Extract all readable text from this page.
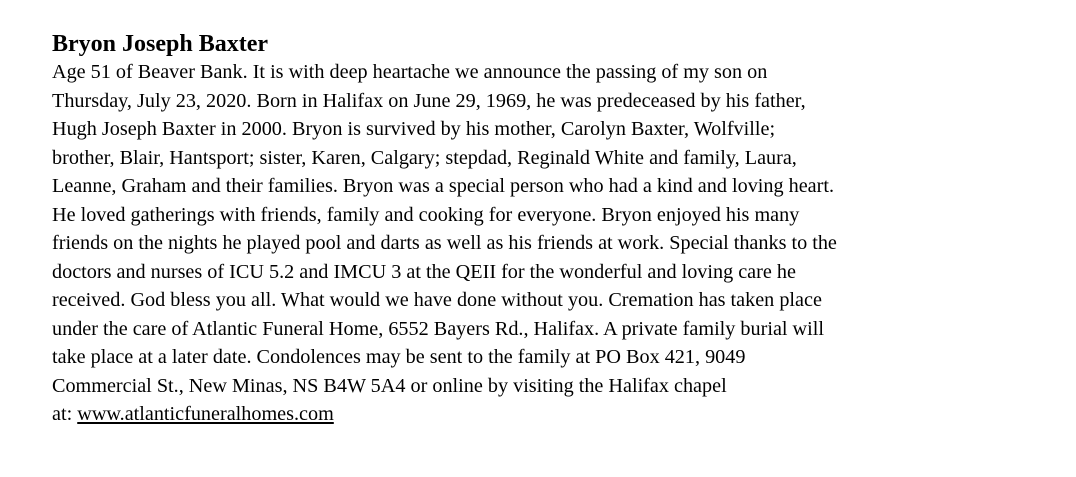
Bryon Joseph Baxter
Age 51 of Beaver Bank. It is with deep heartache we announce the passing of my son on
Thursday, July 23, 2020. Born in Halifax on June 29, 1969, he was predeceased by his father,
Hugh Joseph Baxter in 2000. Bryon is survived by his mother, Carolyn Baxter, Wolfville;
brother, Blair, Hantsport; sister, Karen, Calgary; stepdad, Reginald White and family, Laura,
Leanne, Graham and their families. Bryon was a special person who had a kind and loving heart.
He loved gatherings with friends, family and cooking for everyone. Bryon enjoyed his many
friends on the nights he played pool and darts as well as his friends at work. Special thanks to the
doctors and nurses of ICU 5.2 and IMCU 3 at the QEII for the wonderful and loving care he
received. God bless you all. What would we have done without you. Cremation has taken place
under the care of Atlantic Funeral Home, 6552 Bayers Rd., Halifax. A private family burial will
take place at a later date. Condolences may be sent to the family at PO Box 421, 9049
Commercial St., New Minas, NS B4W 5A4 or online by visiting the Halifax chapel
at: www.atlanticfuneralhomes.com
